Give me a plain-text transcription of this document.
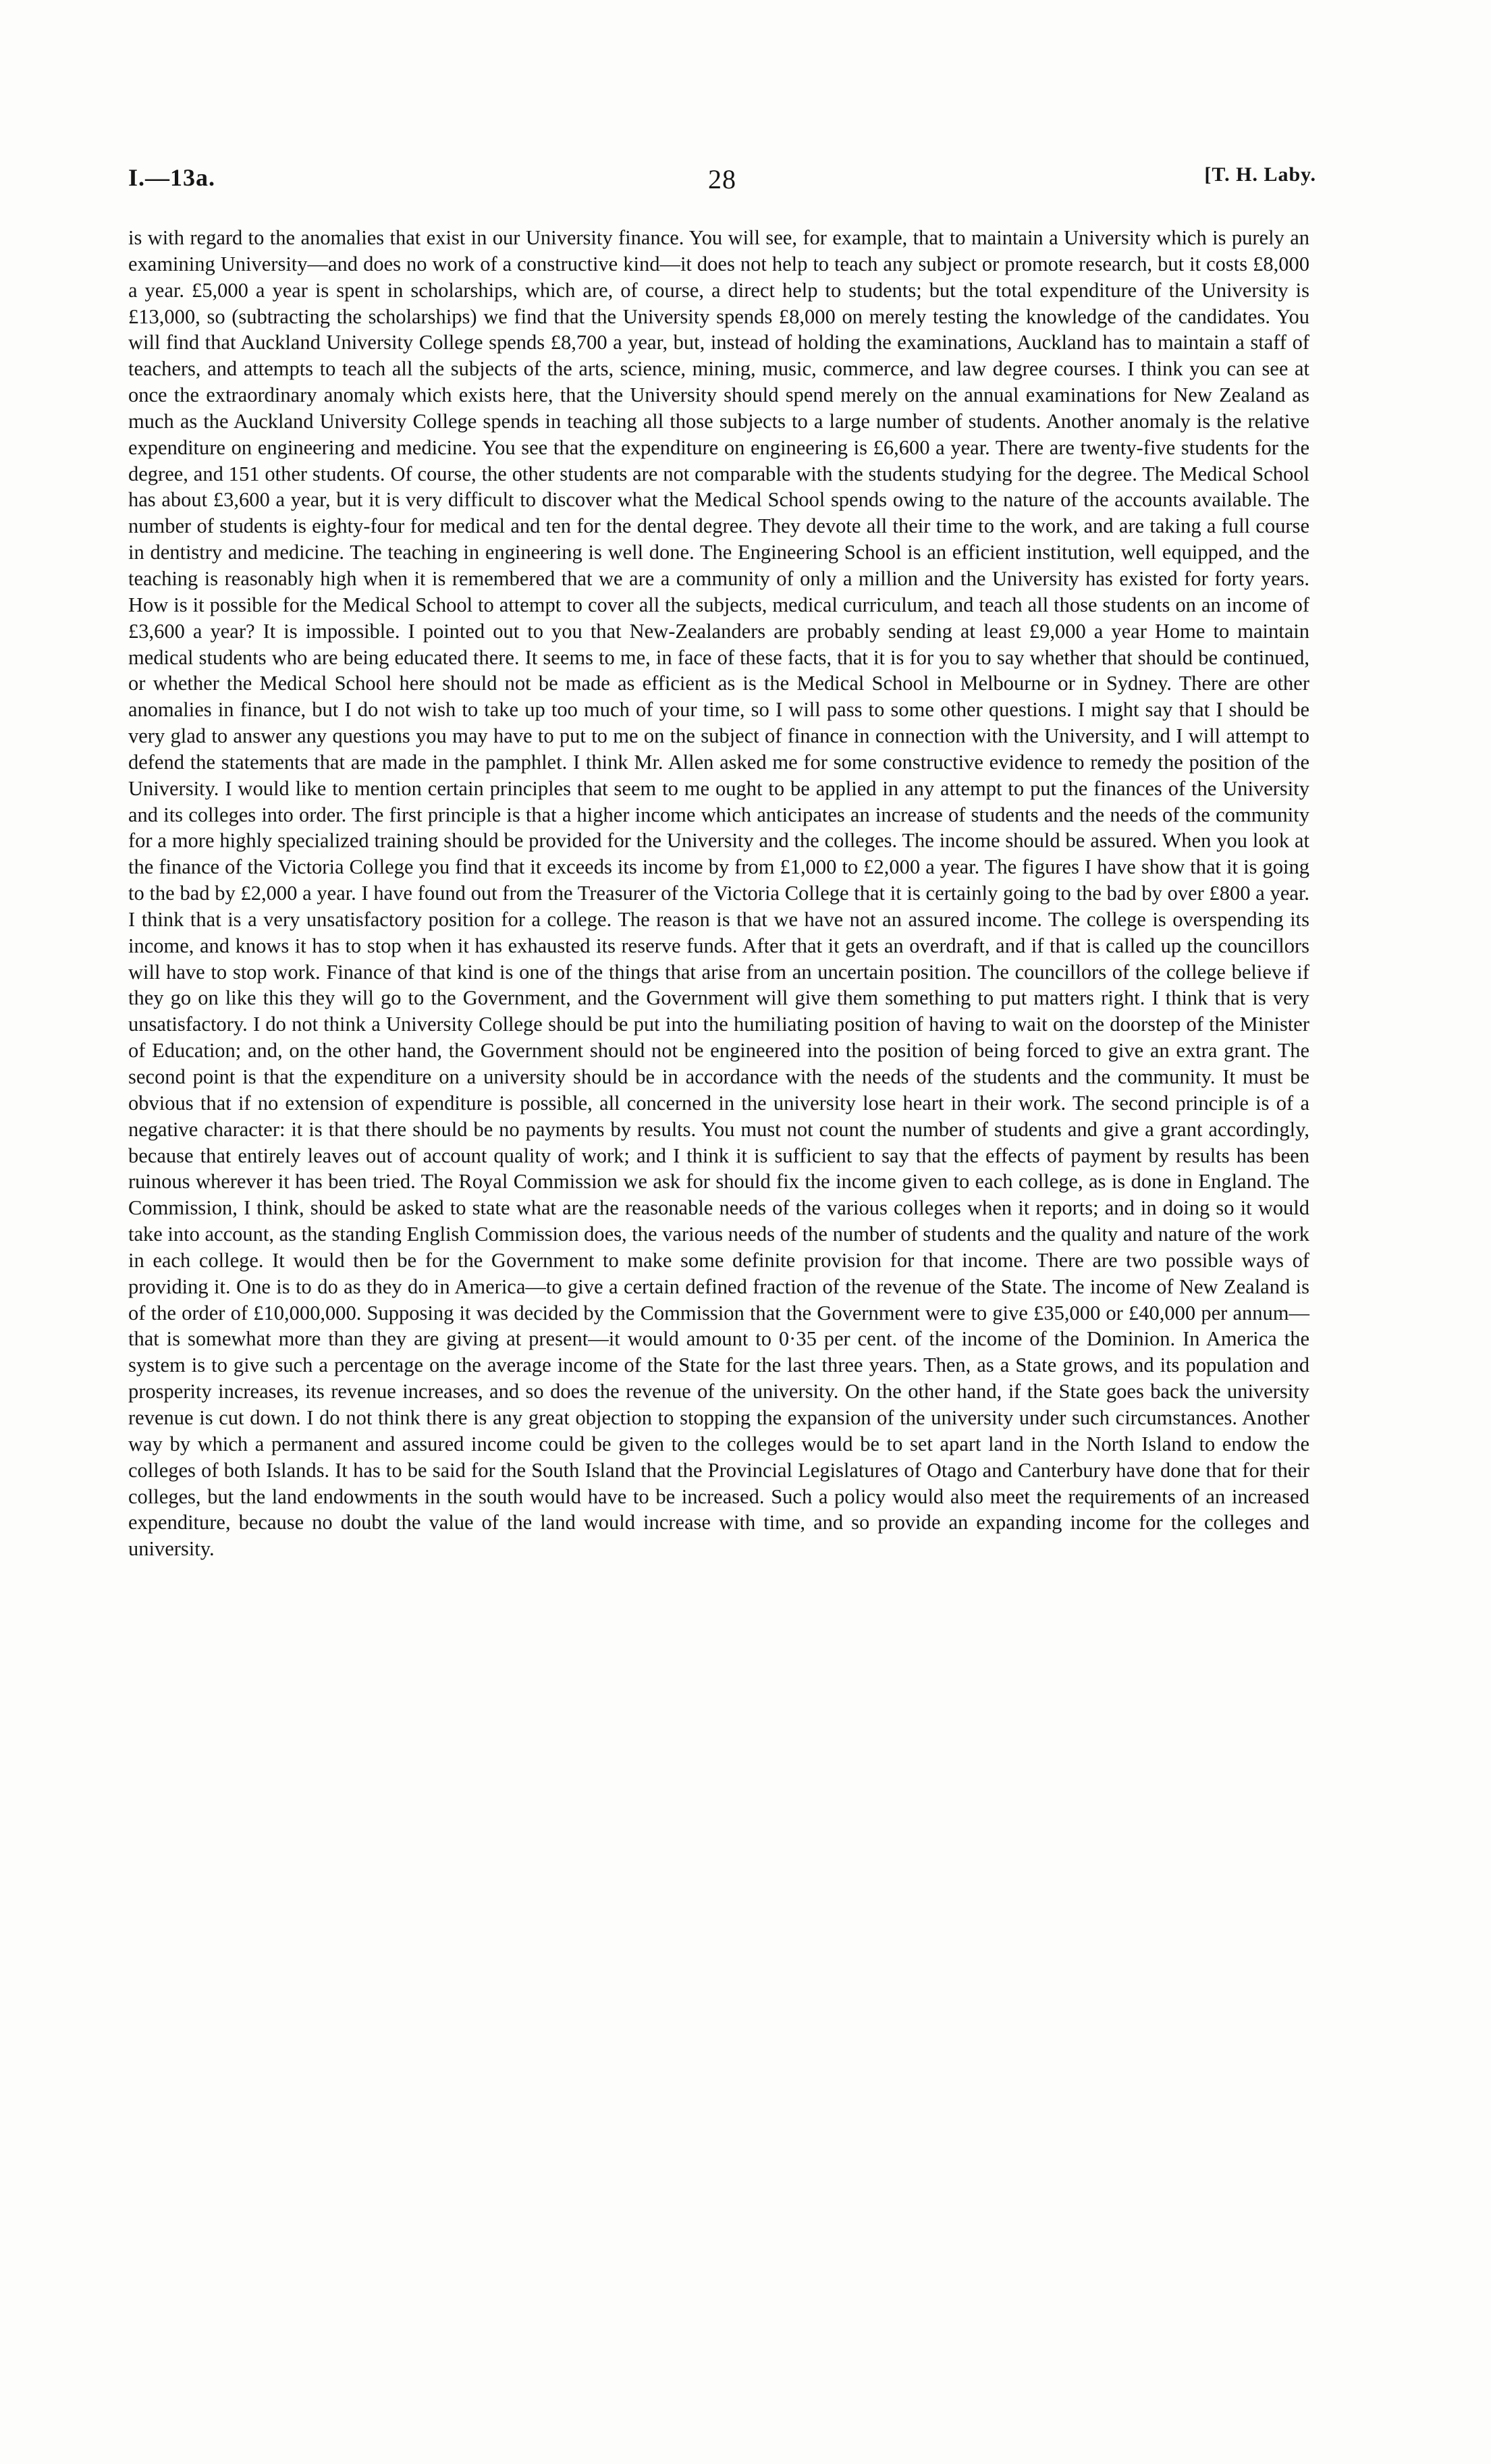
I.—13a.	28	[T. H. Laby.

is with regard to the anomalies that exist in our University finance. You will see, for example, that to maintain a University which is purely an examining University—and does no work of a constructive kind—it does not help to teach any subject or promote research, but it costs £8,000 a year. £5,000 a year is spent in scholarships, which are, of course, a direct help to students; but the total expenditure of the University is £13,000, so (subtracting the scholarships) we find that the University spends £8,000 on merely testing the knowledge of the candidates. You will find that Auckland University College spends £8,700 a year, but, instead of holding the examinations, Auckland has to maintain a staff of teachers, and attempts to teach all the subjects of the arts, science, mining, music, commerce, and law degree courses. I think you can see at once the extraordinary anomaly which exists here, that the University should spend merely on the annual examinations for New Zealand as much as the Auckland University College spends in teaching all those subjects to a large number of students. Another anomaly is the relative expenditure on engineering and medicine. You see that the expenditure on engineering is £6,600 a year. There are twenty-five students for the degree, and 151 other students. Of course, the other students are not comparable with the students studying for the degree. The Medical School has about £3,600 a year, but it is very difficult to discover what the Medical School spends owing to the nature of the accounts available. The number of students is eighty-four for medical and ten for the dental degree. They devote all their time to the work, and are taking a full course in dentistry and medicine. The teaching in engineering is well done. The Engineering School is an efficient institution, well equipped, and the teaching is reasonably high when it is remembered that we are a community of only a million and the University has existed for forty years. How is it possible for the Medical School to attempt to cover all the subjects, medical curriculum, and teach all those students on an income of £3,600 a year? It is impossible. I pointed out to you that New-Zealanders are probably sending at least £9,000 a year Home to maintain medical students who are being educated there. It seems to me, in face of these facts, that it is for you to say whether that should be continued, or whether the Medical School here should not be made as efficient as is the Medical School in Melbourne or in Sydney. There are other anomalies in finance, but I do not wish to take up too much of your time, so I will pass to some other questions. I might say that I should be very glad to answer any questions you may have to put to me on the subject of finance in connection with the University, and I will attempt to defend the statements that are made in the pamphlet. I think Mr. Allen asked me for some constructive evidence to remedy the position of the University. I would like to mention certain principles that seem to me ought to be applied in any attempt to put the finances of the University and its colleges into order. The first principle is that a higher income which anticipates an increase of students and the needs of the community for a more highly specialized training should be provided for the University and the colleges. The income should be assured. When you look at the finance of the Victoria College you find that it exceeds its income by from £1,000 to £2,000 a year. The figures I have show that it is going to the bad by £2,000 a year. I have found out from the Treasurer of the Victoria College that it is certainly going to the bad by over £800 a year. I think that is a very unsatisfactory position for a college. The reason is that we have not an assured income. The college is overspending its income, and knows it has to stop when it has exhausted its reserve funds. After that it gets an overdraft, and if that is called up the councillors will have to stop work. Finance of that kind is one of the things that arise from an uncertain position. The councillors of the college believe if they go on like this they will go to the Government, and the Government will give them something to put matters right. I think that is very unsatisfactory. I do not think a University College should be put into the humiliating position of having to wait on the doorstep of the Minister of Education; and, on the other hand, the Government should not be engineered into the position of being forced to give an extra grant. The second point is that the expenditure on a university should be in accordance with the needs of the students and the community. It must be obvious that if no extension of expenditure is possible, all concerned in the university lose heart in their work. The second principle is of a negative character: it is that there should be no payments by results. You must not count the number of students and give a grant accordingly, because that entirely leaves out of account quality of work; and I think it is sufficient to say that the effects of payment by results has been ruinous wherever it has been tried. The Royal Commission we ask for should fix the income given to each college, as is done in England. The Commission, I think, should be asked to state what are the reasonable needs of the various colleges when it reports; and in doing so it would take into account, as the standing English Commission does, the various needs of the number of students and the quality and nature of the work in each college. It would then be for the Government to make some definite provision for that income. There are two possible ways of providing it. One is to do as they do in America—to give a certain defined fraction of the revenue of the State. The income of New Zealand is of the order of £10,000,000. Supposing it was decided by the Commission that the Government were to give £35,000 or £40,000 per annum—that is somewhat more than they are giving at present—it would amount to 0·35 per cent. of the income of the Dominion. In America the system is to give such a percentage on the average income of the State for the last three years. Then, as a State grows, and its population and prosperity increases, its revenue increases, and so does the revenue of the university. On the other hand, if the State goes back the university revenue is cut down. I do not think there is any great objection to stopping the expansion of the university under such circumstances. Another way by which a permanent and assured income could be given to the colleges would be to set apart land in the North Island to endow the colleges of both Islands. It has to be said for the South Island that the Provincial Legislatures of Otago and Canterbury have done that for their colleges, but the land endowments in the south would have to be increased. Such a policy would also meet the requirements of an increased expenditure, because no doubt the value of the land would increase with time, and so provide an expanding income for the colleges and university.
